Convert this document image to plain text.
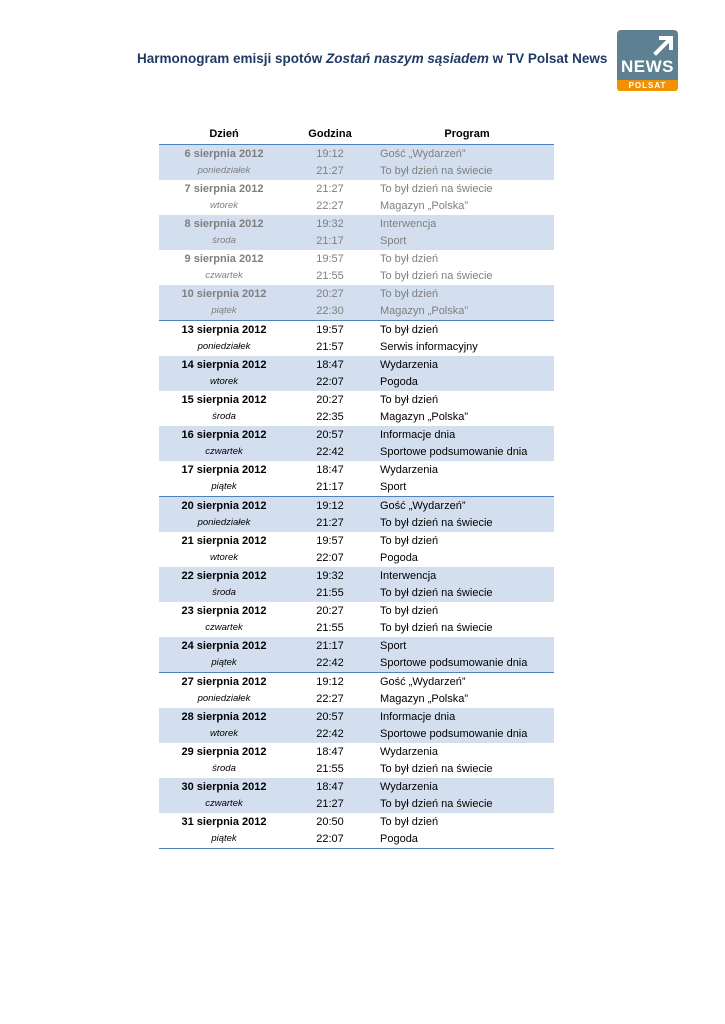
Harmonogram emisji spotów Zostań naszym sąsiadem w TV Polsat News NEWS
POLSAT
Dzień	Godzina	Program
6 sierpnia 2012
poniedziałek
19:12	Gość „Wydarzeń”
21:27	To był dzień na świecie
7 sierpnia 2012
wtorek
21:27	To był dzień na świecie
22:27	Magazyn „Polska”
8 sierpnia 2012
środa
19:32	Interwencja
21:17	Sport
9 sierpnia 2012
czwartek
19:57	To był dzień
21:55	To był dzień na świecie
10 sierpnia 2012
piątek
20:27	To był dzień
22:30	Magazyn „Polska”
13 sierpnia 2012
poniedziałek
19:57	To był dzień
21:57	Serwis informacyjny
14 sierpnia 2012
wtorek
18:47	Wydarzenia
22:07	Pogoda
15 sierpnia 2012
środa
20:27	To był dzień
22:35	Magazyn „Polska”
16 sierpnia 2012
czwartek
20:57	Informacje dnia
22:42	Sportowe podsumowanie dnia
17 sierpnia 2012
piątek
18:47	Wydarzenia
21:17	Sport
20 sierpnia 2012
poniedziałek
19:12	Gość „Wydarzeń”
21:27	To był dzień na świecie
21 sierpnia 2012
wtorek
19:57	To był dzień
22:07	Pogoda
22 sierpnia 2012
środa
19:32	Interwencja
21:55	To był dzień na świecie
23 sierpnia 2012
czwartek
20:27	To był dzień
21:55	To był dzień na świecie
24 sierpnia 2012
piątek
21:17	Sport
22:42	Sportowe podsumowanie dnia
27 sierpnia 2012
poniedziałek
19:12	Gość „Wydarzeń”
22:27	Magazyn „Polska”
28 sierpnia 2012
wtorek
20:57	Informacje dnia
22:42	Sportowe podsumowanie dnia
29 sierpnia 2012
środa
18:47	Wydarzenia
21:55	To był dzień na świecie
30 sierpnia 2012
czwartek
18:47	Wydarzenia
21:27	To był dzień na świecie
31 sierpnia 2012
piątek
20:50	To był dzień
22:07	Pogoda
